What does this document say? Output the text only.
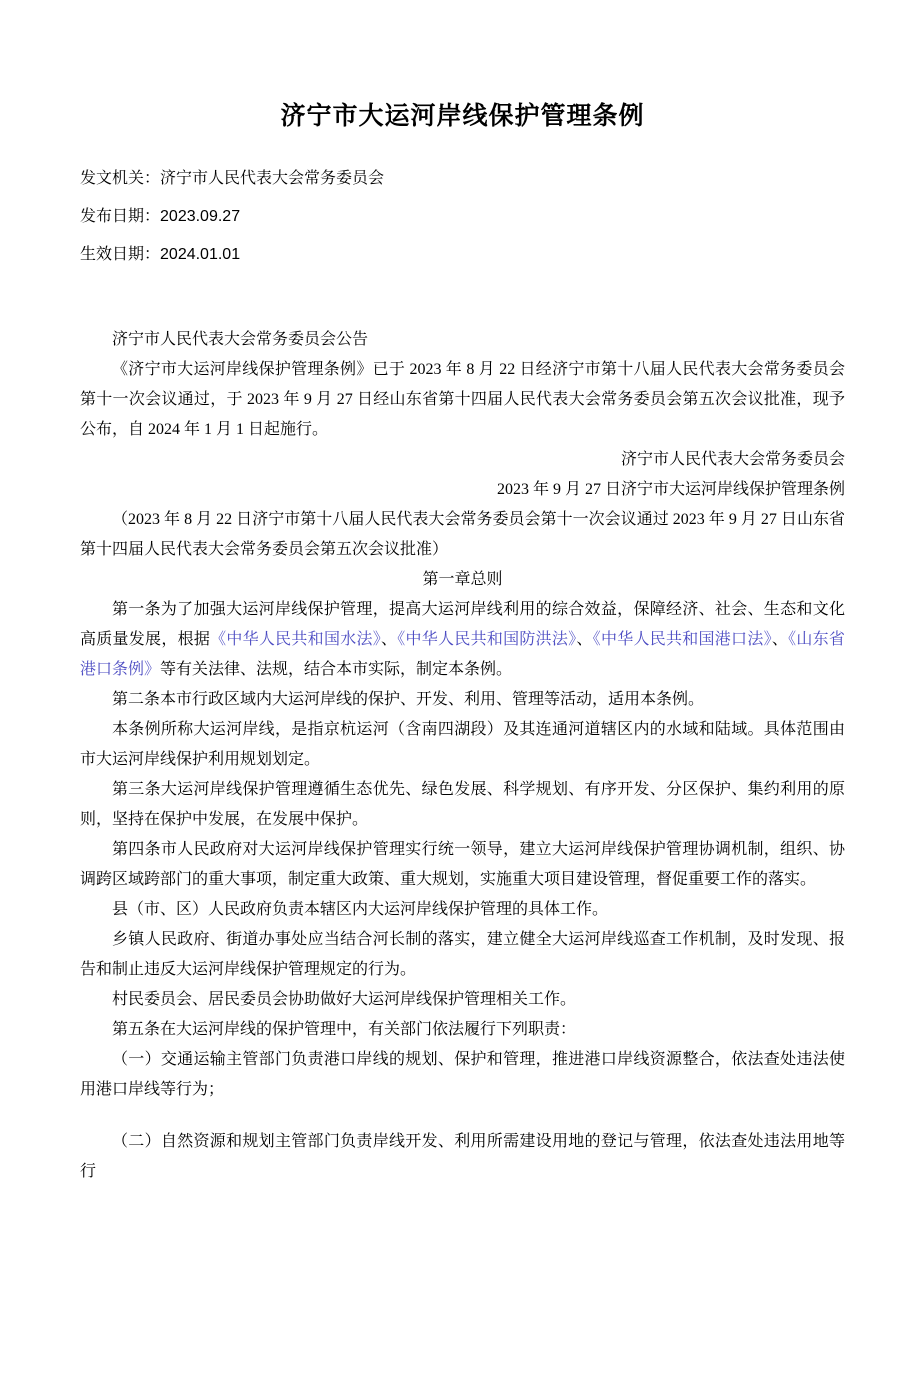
济宁市大运河岸线保护管理条例
发文机关：济宁市人民代表大会常务委员会
发布日期：2023.09.27
生效日期：2024.01.01

济宁市人民代表大会常务委员会公告

《济宁市大运河岸线保护管理条例》已于 2023 年 8 月 22 日经济宁市第十八届人民代表大会常务委员会第十一次会议通过，于 2023 年 9 月 27 日经山东省第十四届人民代表大会常务委员会第五次会议批准，现予公布，自 2024 年 1 月 1 日起施行。

济宁市人民代表大会常务委员会

2023 年 9 月 27 日济宁市大运河岸线保护管理条例

（2023 年 8 月 22 日济宁市第十八届人民代表大会常务委员会第十一次会议通过 2023 年 9 月 27 日山东省第十四届人民代表大会常务委员会第五次会议批准）

第一章总则

第一条为了加强大运河岸线保护管理，提高大运河岸线利用的综合效益，保障经济、社会、生态和文化高质量发展，根据《中华人民共和国水法》、《中华人民共和国防洪法》、《中华人民共和国港口法》、《山东省港口条例》等有关法律、法规，结合本市实际，制定本条例。

第二条本市行政区域内大运河岸线的保护、开发、利用、管理等活动，适用本条例。

本条例所称大运河岸线，是指京杭运河（含南四湖段）及其连通河道辖区内的水域和陆域。具体范围由市大运河岸线保护利用规划划定。

第三条大运河岸线保护管理遵循生态优先、绿色发展、科学规划、有序开发、分区保护、集约利用的原则，坚持在保护中发展，在发展中保护。

第四条市人民政府对大运河岸线保护管理实行统一领导，建立大运河岸线保护管理协调机制，组织、协调跨区域跨部门的重大事项，制定重大政策、重大规划，实施重大项目建设管理，督促重要工作的落实。

县（市、区）人民政府负责本辖区内大运河岸线保护管理的具体工作。

乡镇人民政府、街道办事处应当结合河长制的落实，建立健全大运河岸线巡查工作机制，及时发现、报告和制止违反大运河岸线保护管理规定的行为。

村民委员会、居民委员会协助做好大运河岸线保护管理相关工作。

第五条在大运河岸线的保护管理中，有关部门依法履行下列职责：

（一）交通运输主管部门负责港口岸线的规划、保护和管理，推进港口岸线资源整合，依法查处违法使用港口岸线等行为；

（二）自然资源和规划主管部门负责岸线开发、利用所需建设用地的登记与管理，依法查处违法用地等行
